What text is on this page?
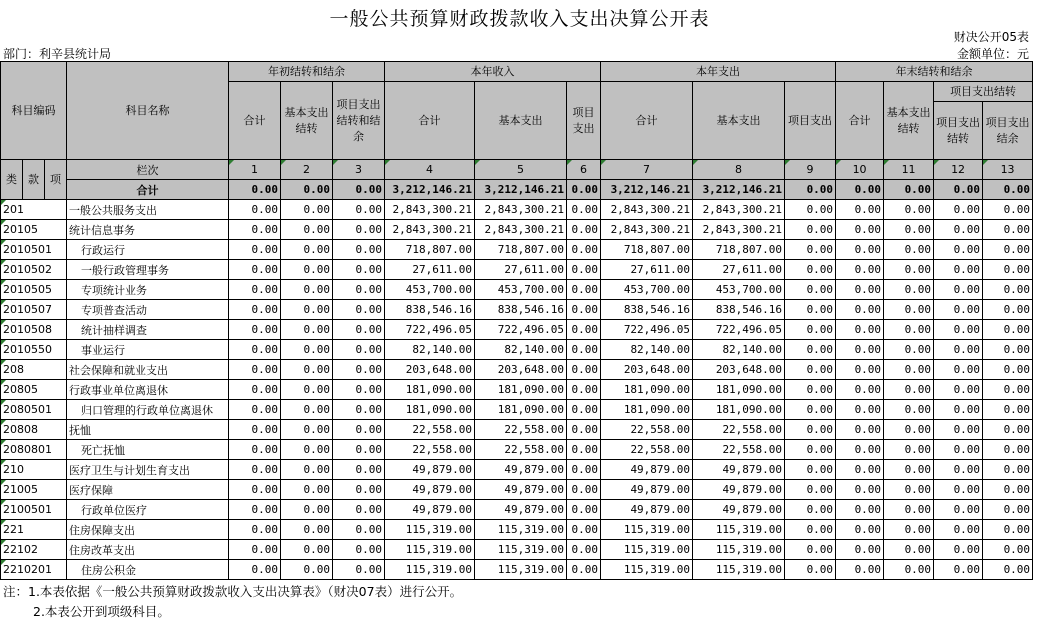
一般公共预算财政拨款收入支出决算公开表
财决公开05表
部门：利辛县统计局	金额单位：元
科目编码			科目名称	年初结转和结余			本年收入			本年支出			年末结转和结余			
				合计	基本支出结转	项目支出结转和结余	合计	基本支出	项目支出	合计	基本支出	项目支出	合计	基本支出结转	项目支出结转	
															项目支出结转	项目支出结余

类	款	项	栏次	1	2	3	4	5	6	7	8	9	10	11	12	13
			合计	0.00	0.00	0.00	3,212,146.21	3,212,146.21	0.00	3,212,146.21	3,212,146.21	0.00	0.00	0.00	0.00	0.00
201			一般公共服务支出	0.00	0.00	0.00	2,843,300.21	2,843,300.21	0.00	2,843,300.21	2,843,300.21	0.00	0.00	0.00	0.00	0.00
20105			统计信息事务	0.00	0.00	0.00	2,843,300.21	2,843,300.21	0.00	2,843,300.21	2,843,300.21	0.00	0.00	0.00	0.00	0.00
2010501			行政运行	0.00	0.00	0.00	718,807.00	718,807.00	0.00	718,807.00	718,807.00	0.00	0.00	0.00	0.00	0.00
2010502			一般行政管理事务	0.00	0.00	0.00	27,611.00	27,611.00	0.00	27,611.00	27,611.00	0.00	0.00	0.00	0.00	0.00
2010505			专项统计业务	0.00	0.00	0.00	453,700.00	453,700.00	0.00	453,700.00	453,700.00	0.00	0.00	0.00	0.00	0.00
2010507			专项普查活动	0.00	0.00	0.00	838,546.16	838,546.16	0.00	838,546.16	838,546.16	0.00	0.00	0.00	0.00	0.00
2010508			统计抽样调查	0.00	0.00	0.00	722,496.05	722,496.05	0.00	722,496.05	722,496.05	0.00	0.00	0.00	0.00	0.00
2010550			事业运行	0.00	0.00	0.00	82,140.00	82,140.00	0.00	82,140.00	82,140.00	0.00	0.00	0.00	0.00	0.00
208			社会保障和就业支出	0.00	0.00	0.00	203,648.00	203,648.00	0.00	203,648.00	203,648.00	0.00	0.00	0.00	0.00	0.00
20805			行政事业单位离退休	0.00	0.00	0.00	181,090.00	181,090.00	0.00	181,090.00	181,090.00	0.00	0.00	0.00	0.00	0.00
2080501			归口管理的行政单位离退休	0.00	0.00	0.00	181,090.00	181,090.00	0.00	181,090.00	181,090.00	0.00	0.00	0.00	0.00	0.00
20808			抚恤	0.00	0.00	0.00	22,558.00	22,558.00	0.00	22,558.00	22,558.00	0.00	0.00	0.00	0.00	0.00
2080801			死亡抚恤	0.00	0.00	0.00	22,558.00	22,558.00	0.00	22,558.00	22,558.00	0.00	0.00	0.00	0.00	0.00
210			医疗卫生与计划生育支出	0.00	0.00	0.00	49,879.00	49,879.00	0.00	49,879.00	49,879.00	0.00	0.00	0.00	0.00	0.00
21005			医疗保障	0.00	0.00	0.00	49,879.00	49,879.00	0.00	49,879.00	49,879.00	0.00	0.00	0.00	0.00	0.00
2100501			行政单位医疗	0.00	0.00	0.00	49,879.00	49,879.00	0.00	49,879.00	49,879.00	0.00	0.00	0.00	0.00	0.00
221			住房保障支出	0.00	0.00	0.00	115,319.00	115,319.00	0.00	115,319.00	115,319.00	0.00	0.00	0.00	0.00	0.00
22102			住房改革支出	0.00	0.00	0.00	115,319.00	115,319.00	0.00	115,319.00	115,319.00	0.00	0.00	0.00	0.00	0.00
2210201			住房公积金	0.00	0.00	0.00	115,319.00	115,319.00	0.00	115,319.00	115,319.00	0.00	0.00	0.00	0.00	0.00
注：1.本表依据《一般公共预算财政拨款收入支出决算表》（财决07表）进行公开。
2.本表公开到项级科目。
